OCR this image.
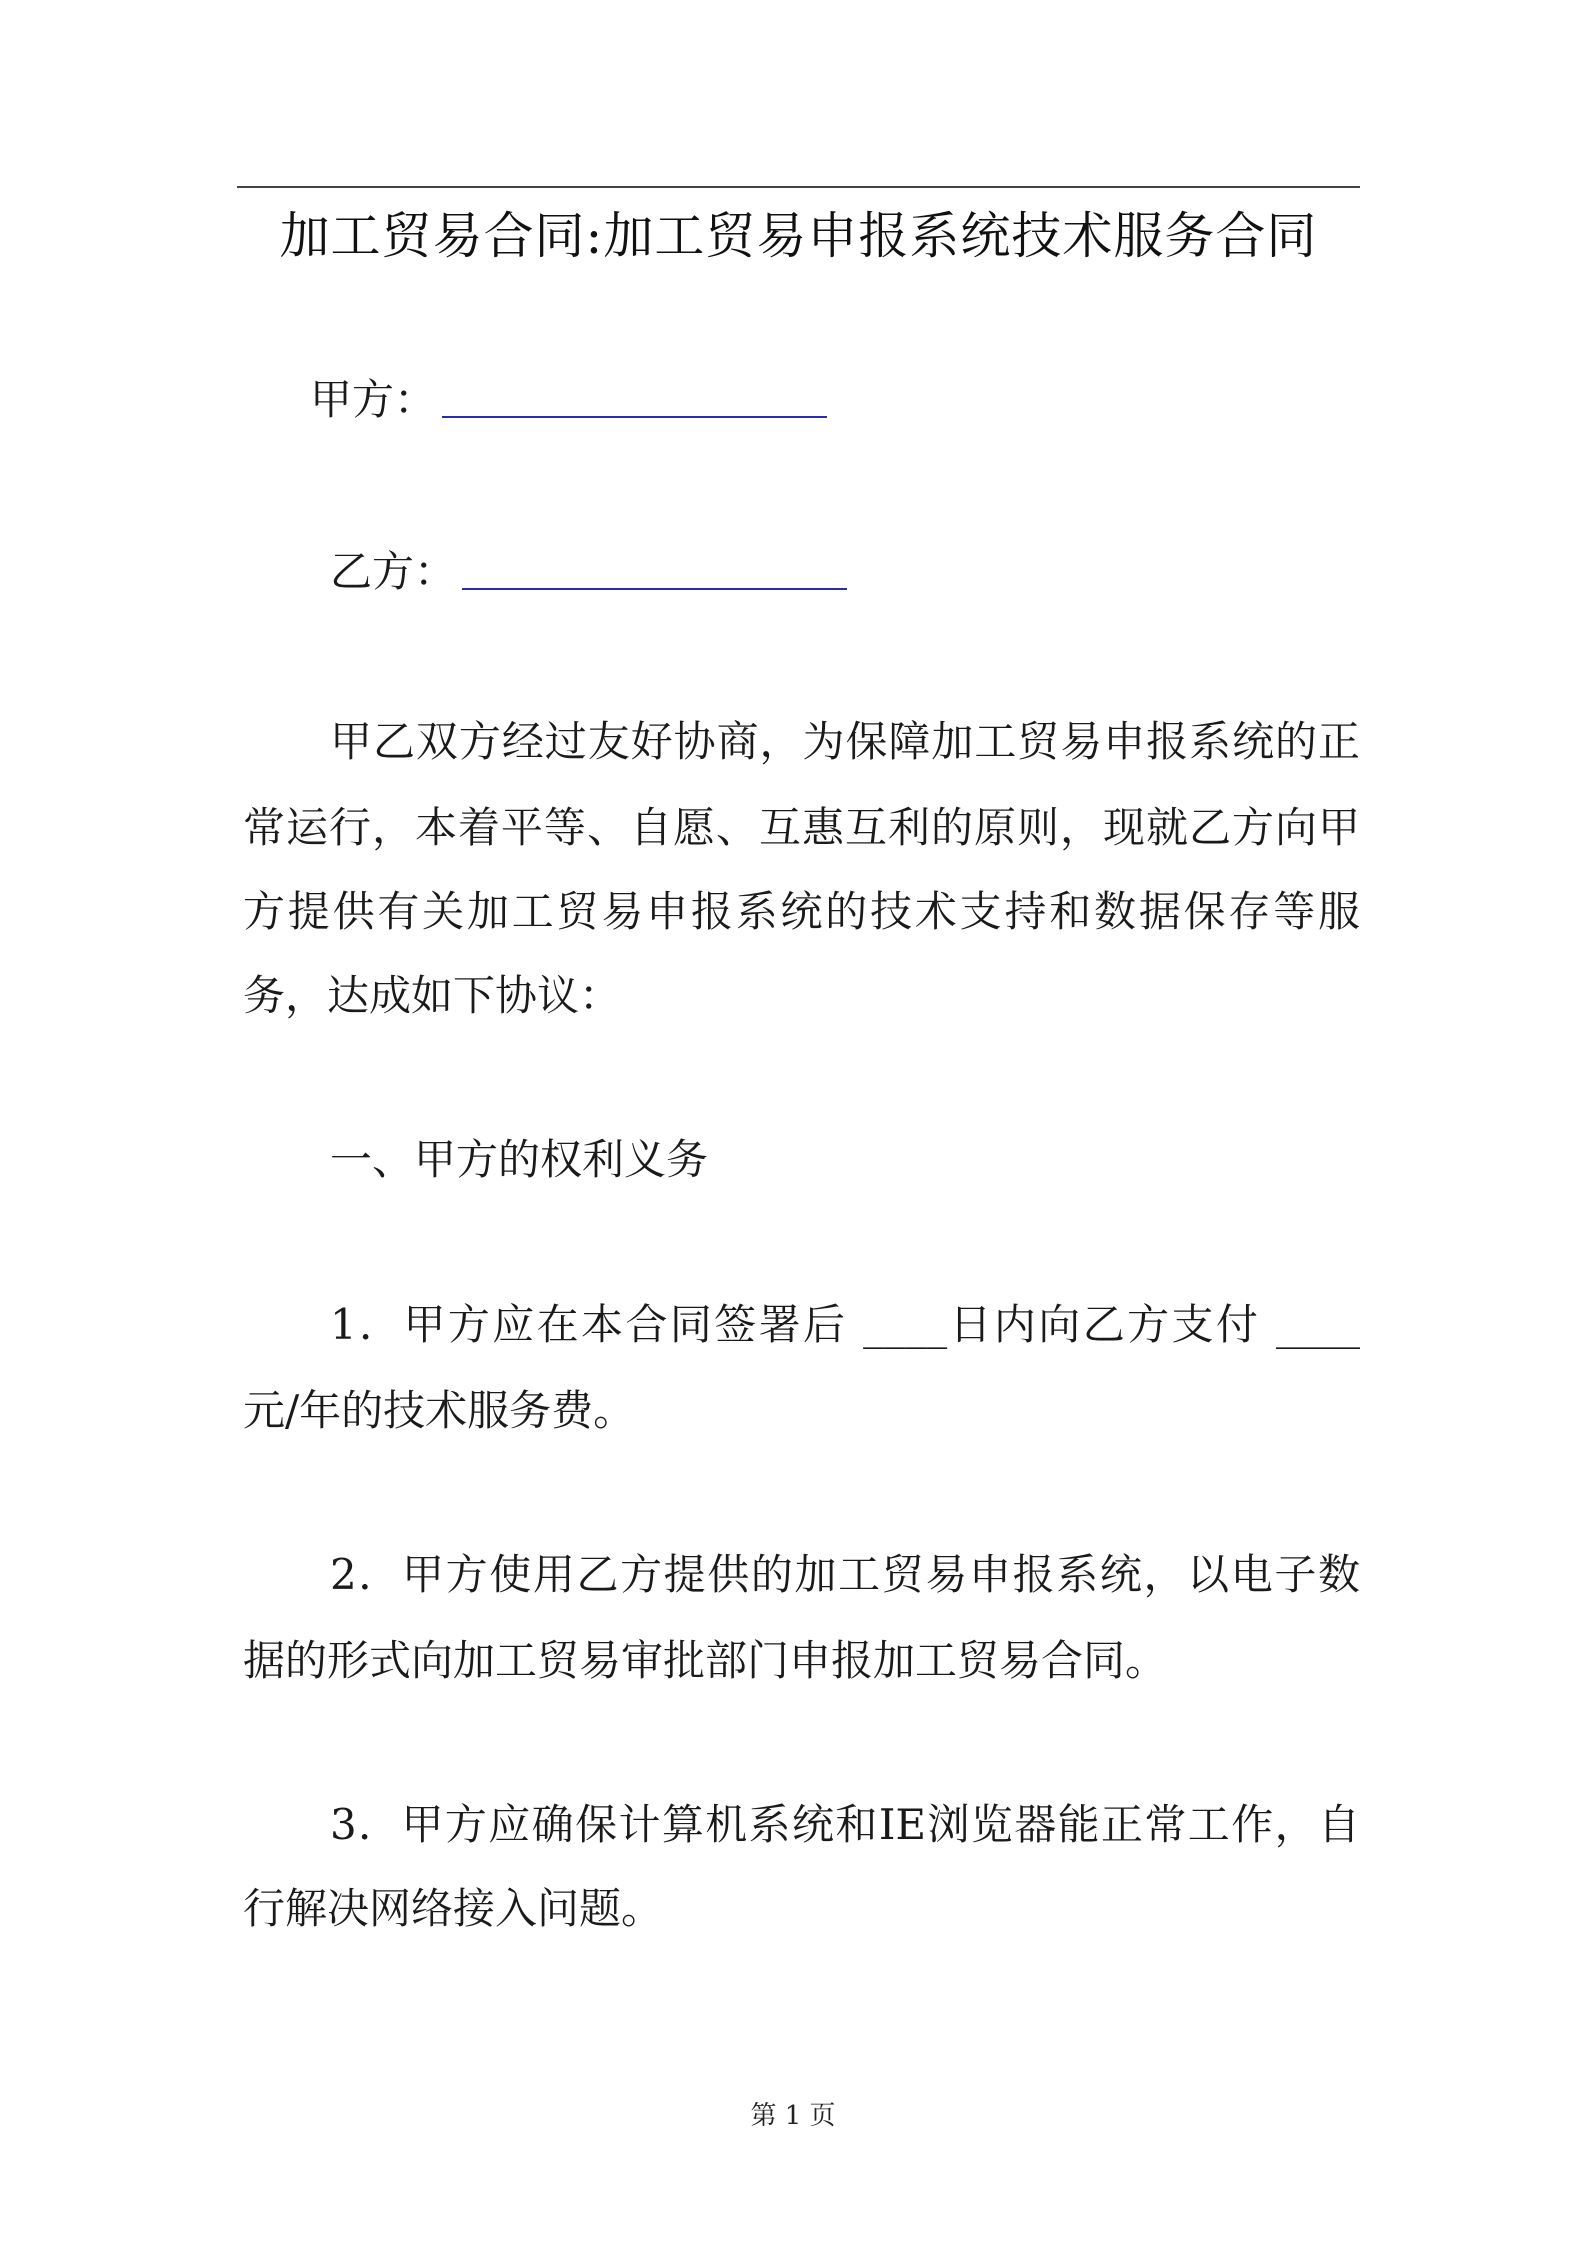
加工贸易合同:加工贸易申报系统技术服务合同
甲方：
乙方：
甲乙双方经过友好协商，为保障加工贸易申报系统的正
常运行，本着平等、自愿、互惠互利的原则，现就乙方向甲
方提供有关加工贸易申报系统的技术支持和数据保存等服
务，达成如下协议：
一、甲方的权利义务
1．甲方应在本合同签署后 ____日内向乙方支付 ____
元/年的技术服务费。
2．甲方使用乙方提供的加工贸易申报系统，以电子数
据的形式向加工贸易审批部门申报加工贸易合同。
3．甲方应确保计算机系统和IE浏览器能正常工作，自
行解决网络接入问题。
第 1 页
